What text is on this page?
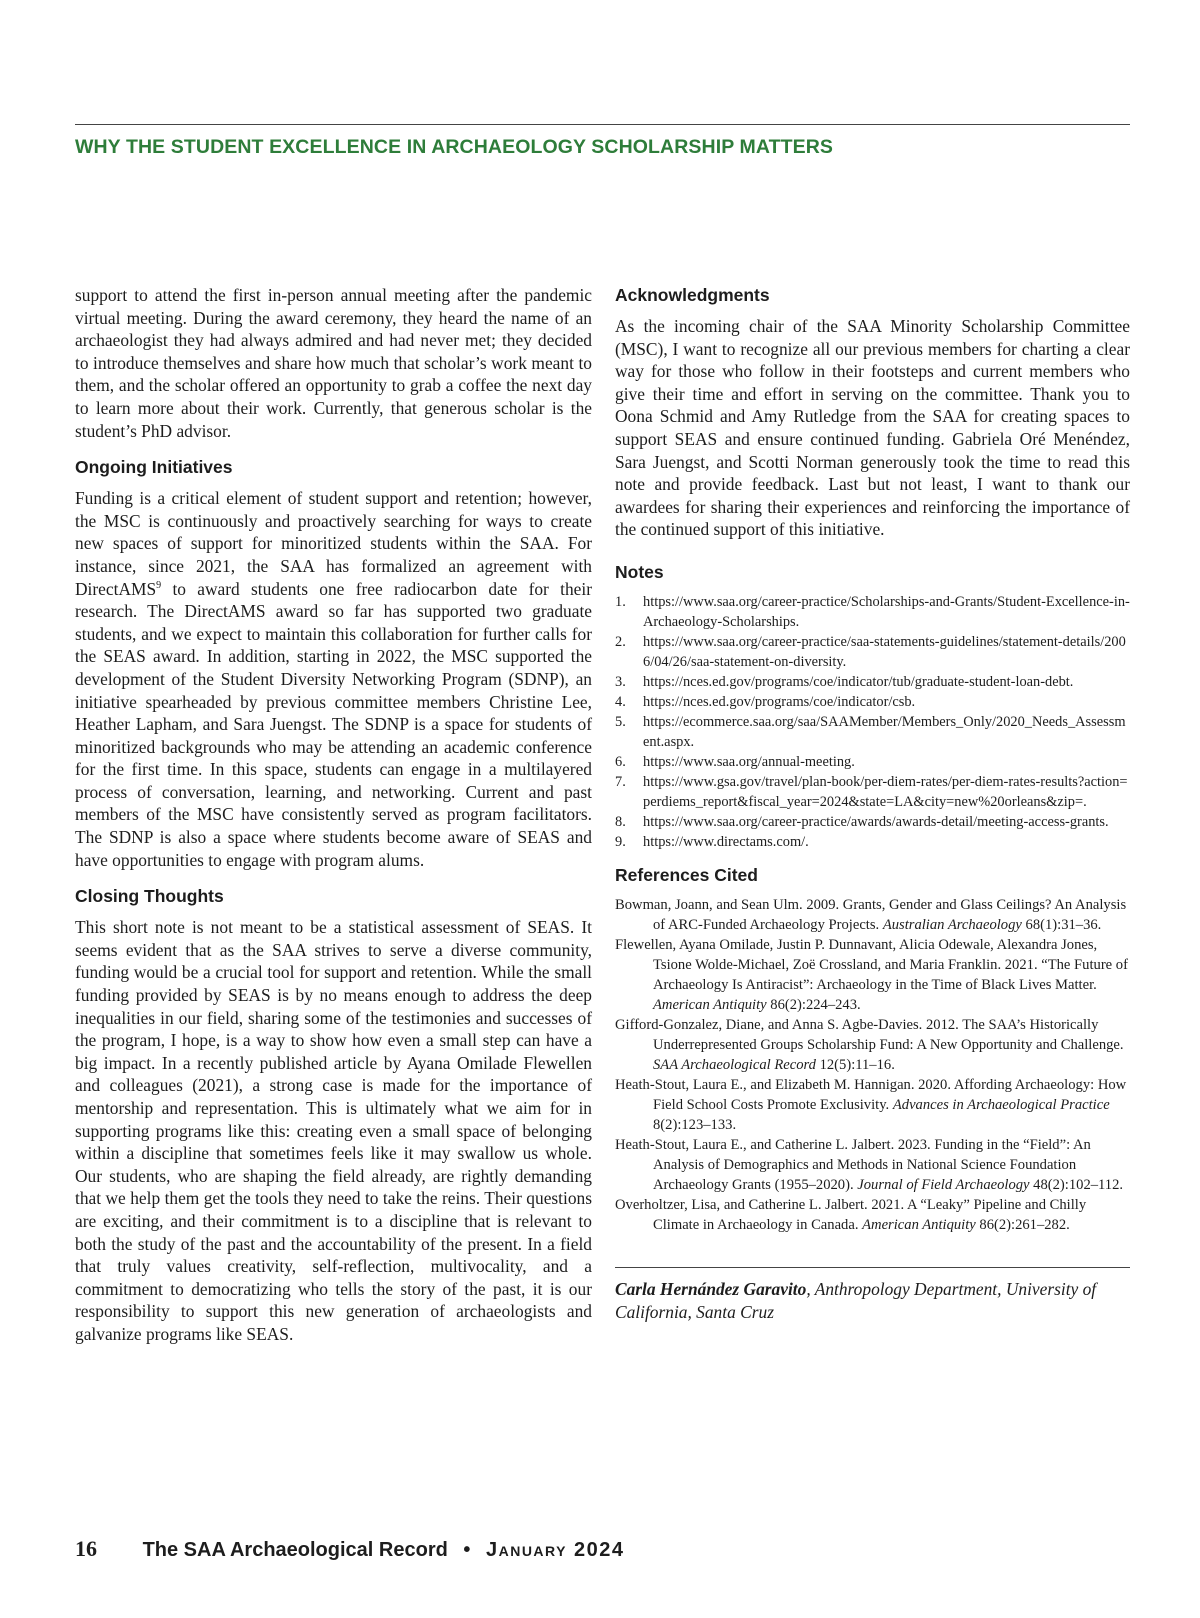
WHY THE STUDENT EXCELLENCE IN ARCHAEOLOGY SCHOLARSHIP MATTERS

support to attend the first in-person annual meeting after the pandemic virtual meeting. During the award ceremony, they heard the name of an archaeologist they had always admired and had never met; they decided to introduce themselves and share how much that scholar’s work meant to them, and the scholar offered an opportunity to grab a coffee the next day to learn more about their work. Currently, that generous scholar is the student’s PhD advisor.

Ongoing Initiatives

Funding is a critical element of student support and retention; however, the MSC is continuously and proactively searching for ways to create new spaces of support for minoritized students within the SAA. For instance, since 2021, the SAA has formalized an agreement with DirectAMS$^9$ to award students one free radiocarbon date for their research. The DirectAMS award so far has supported two graduate students, and we expect to maintain this collaboration for further calls for the SEAS award. In addition, starting in 2022, the MSC supported the development of the Student Diversity Networking Program (SDNP), an initiative spearheaded by previous committee members Christine Lee, Heather Lapham, and Sara Juengst. The SDNP is a space for students of minoritized backgrounds who may be attending an academic conference for the first time. In this space, students can engage in a multilayered process of conversation, learning, and networking. Current and past members of the MSC have consistently served as program facilitators. The SDNP is also a space where students become aware of SEAS and have opportunities to engage with program alums.

Closing Thoughts

This short note is not meant to be a statistical assessment of SEAS. It seems evident that as the SAA strives to serve a diverse community, funding would be a crucial tool for support and retention. While the small funding provided by SEAS is by no means enough to address the deep inequalities in our field, sharing some of the testimonies and successes of the program, I hope, is a way to show how even a small step can have a big impact. In a recently published article by Ayana Omilade Flewellen and colleagues (2021), a strong case is made for the importance of mentorship and representation. This is ultimately what we aim for in supporting programs like this: creating even a small space of belonging within a discipline that sometimes feels like it may swallow us whole. Our students, who are shaping the field already, are rightly demanding that we help them get the tools they need to take the reins. Their questions are exciting, and their commitment is to a discipline that is relevant to both the study of the past and the accountability of the present. In a field that truly values creativity, self-reflection, multivocality, and a commitment to democratizing who tells the story of the past, it is our responsibility to support this new generation of archaeologists and galvanize programs like SEAS.

Acknowledgments

As the incoming chair of the SAA Minority Scholarship Committee (MSC), I want to recognize all our previous members for charting a clear way for those who follow in their footsteps and current members who give their time and effort in serving on the committee. Thank you to Oona Schmid and Amy Rutledge from the SAA for creating spaces to support SEAS and ensure continued funding. Gabriela Oré Menéndez, Sara Juengst, and Scotti Norman generously took the time to read this note and provide feedback. Last but not least, I want to thank our awardees for sharing their experiences and reinforcing the importance of the continued support of this initiative.

Notes
1.	https://www.saa.org/career-practice/Scholarships-and-Grants/Student-Excellence-in-Archaeology-Scholarships.
2.	https://www.saa.org/career-practice/saa-statements-guidelines/statement-details/2006/04/26/saa-statement-on-diversity.
3.	https://nces.ed.gov/programs/coe/indicator/tub/graduate-student-loan-debt.
4.	https://nces.ed.gov/programs/coe/indicator/csb.
5.	https://ecommerce.saa.org/saa/SAAMember/Members_Only/2020_Needs_Assessment.aspx.
6.	https://www.saa.org/annual-meeting.
7.	https://www.gsa.gov/travel/plan-book/per-diem-rates/per-diem-rates-results?action=perdiems_report&fiscal_year=2024&state=LA&city=new%20orleans&zip=.
8.	https://www.saa.org/career-practice/awards/awards-detail/meeting-access-grants.
9.	https://www.directams.com/.
References Cited

Bowman, Joann, and Sean Ulm. 2009. Grants, Gender and Glass Ceilings? An Analysis of ARC-Funded Archaeology Projects. Australian Archaeology 68(1):31–36.

Flewellen, Ayana Omilade, Justin P. Dunnavant, Alicia Odewale, Alexandra Jones, Tsione Wolde-Michael, Zoë Crossland, and Maria Franklin. 2021. “The Future of Archaeology Is Antiracist”: Archaeology in the Time of Black Lives Matter. American Antiquity 86(2):224–243.

Gifford-Gonzalez, Diane, and Anna S. Agbe-Davies. 2012. The SAA’s Historically Underrepresented Groups Scholarship Fund: A New Opportunity and Challenge. SAA Archaeological Record 12(5):11–16.

Heath-Stout, Laura E., and Elizabeth M. Hannigan. 2020. Affording Archaeology: How Field School Costs Promote Exclusivity. Advances in Archaeological Practice 8(2):123–133.

Heath-Stout, Laura E., and Catherine L. Jalbert. 2023. Funding in the “Field”: An Analysis of Demographics and Methods in National Science Foundation Archaeology Grants (1955–2020). Journal of Field Archaeology 48(2):102–112.

Overholtzer, Lisa, and Catherine L. Jalbert. 2021. A “Leaky” Pipeline and Chilly Climate in Archaeology in Canada. American Antiquity 86(2):261–282.

Carla Hernández Garavito, Anthropology Department, University of California, Santa Cruz

16 The SAA Archaeological Record • January 2024
